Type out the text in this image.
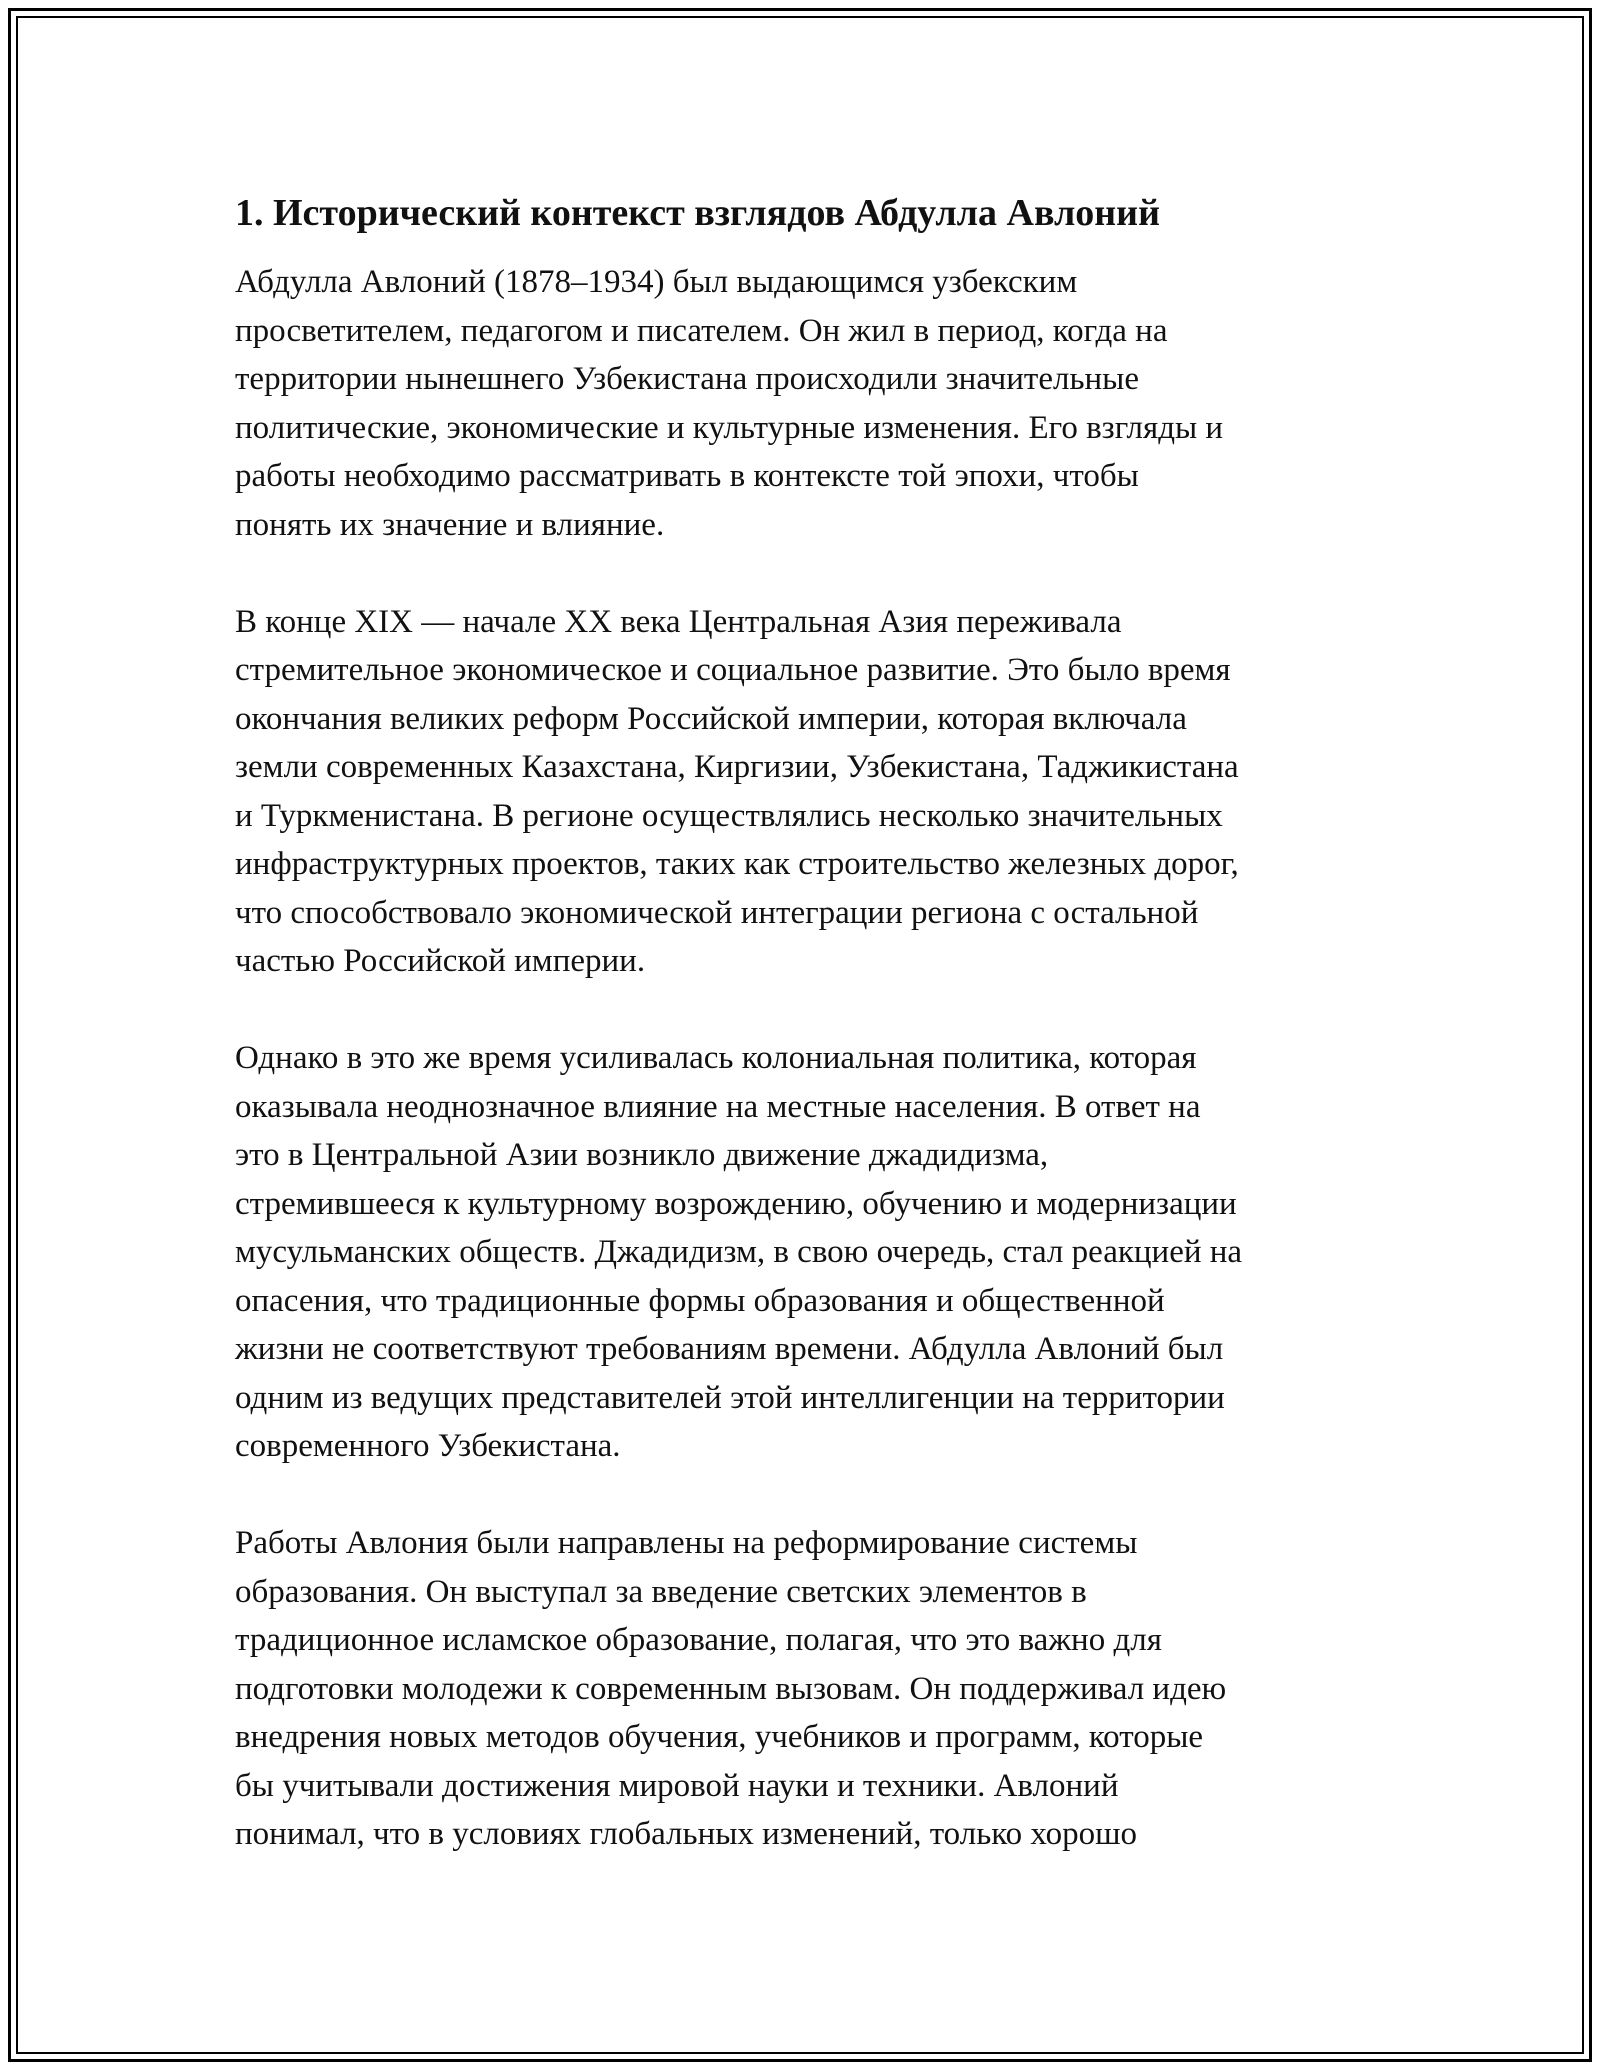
1. Исторический контекст взглядов Абдулла Авлоний
Абдулла Авлоний (1878–1934) был выдающимся узбекским
просветителем, педагогом и писателем. Он жил в период, когда на
территории нынешнего Узбекистана происходили значительные
политические, экономические и культурные изменения. Его взгляды и
работы необходимо рассматривать в контексте той эпохи, чтобы
понять их значение и влияние.
В конце XIX — начале XX века Центральная Азия переживала
стремительное экономическое и социальное развитие. Это было время
окончания великих реформ Российской империи, которая включала
земли современных Казахстана, Киргизии, Узбекистана, Таджикистана
и Туркменистана. В регионе осуществлялись несколько значительных
инфраструктурных проектов, таких как строительство железных дорог,
что способствовало экономической интеграции региона с остальной
частью Российской империи.
Однако в это же время усиливалась колониальная политика, которая
оказывала неоднозначное влияние на местные населения. В ответ на
это в Центральной Азии возникло движение джадидизма,
стремившееся к культурному возрождению, обучению и модернизации
мусульманских обществ. Джадидизм, в свою очередь, стал реакцией на
опасения, что традиционные формы образования и общественной
жизни не соответствуют требованиям времени. Абдулла Авлоний был
одним из ведущих представителей этой интеллигенции на территории
современного Узбекистана.
Работы Авлония были направлены на реформирование системы
образования. Он выступал за введение светских элементов в
традиционное исламское образование, полагая, что это важно для
подготовки молодежи к современным вызовам. Он поддерживал идею
внедрения новых методов обучения, учебников и программ, которые
бы учитывали достижения мировой науки и техники. Авлоний
понимал, что в условиях глобальных изменений, только хорошо
